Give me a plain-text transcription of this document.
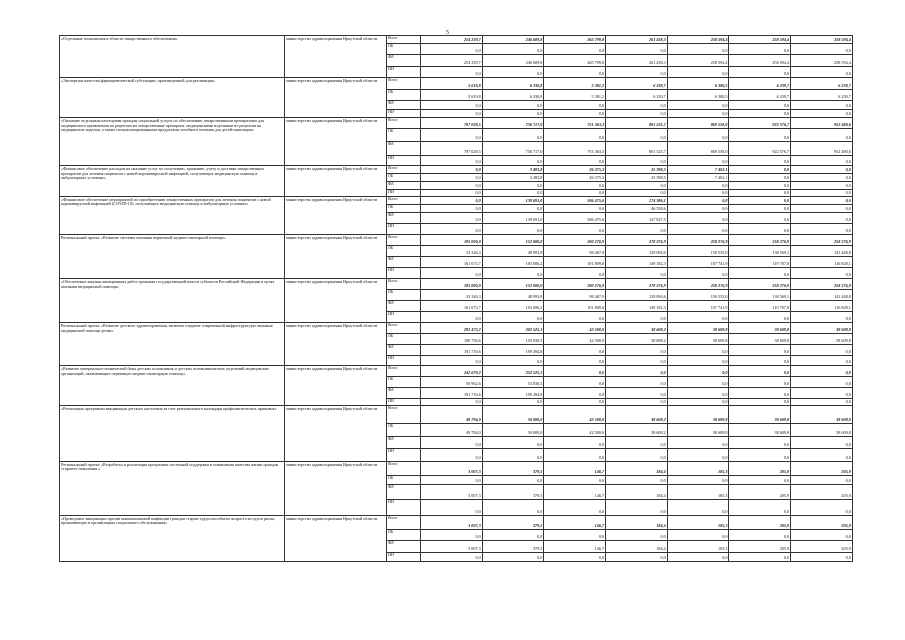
5
«Отдельные полномочия в области лекарственного обеспечения»	министерство здравоохранения Иркутской области	Всего	254 239,7	246 609,8	265 799,8	261 438,3	258 594,4	258 594,4	258 594,4
		ОБ	0,0	0,0	0,0	0,0	0,0	0,0	0,0
		ФБ	254 239,7	246 609,8	265 799,8	261 438,3	258 594,4	258 594,4	258 594,4
		ИИ	0,0	0,0	0,0	0,0	0,0	0,0	0,0
«Экспертиза качества фармацевтической субстанции, произведенной для реализации»	министерство здравоохранения Иркутской области	Всего	5 619,8	6 330,8	5 381,2	6 239,7	6 380,5	6 239,7	6 239,7
		ОБ	5 619,8	6 330,8	5 381,2	6 239,7	6 380,5	6 239,7	6 239,7
		ФБ	0,0	0,0	0,0	0,0	0,0	0,0	0,0
		ИИ	0,0	0,0	0,0	0,0	0,0	0,0	0,0
«Оказание отдельным категориям граждан социальной услуги по обеспечению лекарственными препаратами для медицинского применения по рецептам на лекарственные препараты, медицинскими изделиями по рецептам на медицинские изделия, а также специализированными продуктами лечебного питания для детей-инвалидов»	министерство здравоохранения Иркутской области	Всего	707 028,5	736 717,0	751 363,3	801 525,7	869 558,0	922 576,7	952 480,6
		ОБ	0,0	0,0	0,0	0,0	0,0	0,0	0,0
		ФБ	707 028,5	736 717,0	751 363,3	801 525,7	869 558,0	922 576,7	952 480,6
		ИИ	0,0	0,0	0,0	0,0	0,0	0,0	0,0
«Финансовое обеспечение расходов на оказание услуг по получению, хранению, учету и доставке лекарственных препаратов для лечения пациентов с новой коронавирусной инфекцией, получающих медицинскую помощь в амбулаторных условиях»	министерство здравоохранения Иркутской области	Всего	0,0	3 493,8	26 375,3	25 398,5	7 402,1	0,0	0,0
		ОБ	0,0	3 493,8	26 375,3	25 398,5	7 402,1	0,0	0,0
		ФБ	0,0	0,0	0,0	0,0	0,0	0,0	0,0
		ИИ	0,0	0,0	0,0	0,0	0,0	0,0	0,0
«Финансовое обеспечение мероприятий по приобретению лекарственных препаратов для лечения пациентов с новой коронавирусной инфекцией (COVID-19), получающих медицинскую помощь в амбулаторных условиях»	министерство здравоохранения Иркутской области	Всего	0,0	139 691,0	506 475,6	174 386,1	0,0	0,0	0,0
		ОБ	0,0	0,0	0,0	46 558,6	0,0	0,0	0,0
		ФБ	0,0	139 691,0	506 475,6	127 827,5	0,0	0,0	0,0
		ИИ	0,0	0,0	0,0	0,0	0,0	0,0	0,0
Региональный проект «Развитие системы оказания первичной медико-санитарной помощи»	министерство здравоохранения Иркутской области	Всего	195 000,0	152 000,0	200 276,9	278 276,9	258 276,9	258 276,9	258 276,9
		ОБ	33 326,3	48 993,8	98 467,9	129 094,6	150 535,0	138 569,1	141 448,8
		ФБ	161 673,7	103 006,2	101 809,0	149 182,3	107 741,9	119 707,8	116 828,1
		ИИ	0,0	0,0	0,0	0,0	0,0	0,0	0,0
«Обеспечение закупки авиационных работ органами государственной власти субъектов Российской Федерации в целях оказания медицинской помощи»	министерство здравоохранения Иркутской области	Всего	195 000,0	152 000,0	200 276,9	278 276,9	258 276,9	258 276,9	258 276,9
		ОБ	33 326,3	48 993,8	98 467,9	129 094,6	150 535,0	138 569,1	141 448,8
		ФБ	161 673,7	103 006,2	101 809,0	149 182,3	107 741,9	119 707,8	116 828,1
		ИИ	0,0	0,0	0,0	0,0	0,0	0,0	0,0
Региональный проект «Развитие детского здравоохранения, включая создание современной инфраструктуры оказания медицинской помощи детям»	министерство здравоохранения Иркутской области	Всего	292 473,2	302 525,1	42 500,0	38 608,2	38 609,8	38 609,8	38 609,8
		ОБ	100 756,6	103 030,3	42 500,0	38 608,2	38 609,8	38 609,8	38 609,8
		ФБ	191 716,6	199 494,8	0,0	0,0	0,0	0,0	0,0
		ИИ	0,0	0,0	0,0	0,0	0,0	0,0	0,0
«Развитие материально-технической базы детских поликлиник и детских поликлинических отделений медицинских организаций, оказывающих первичную медико-санитарную помощь»	министерство здравоохранения Иркутской области	Всего	242 679,2	252 525,1	0,0	0,0	0,0	0,0	0,0
		ОБ	50 962,6	53 030,3	0,0	0,0	0,0	0,0	0,0
		ФБ	191 716,6	199 494,8	0,0	0,0	0,0	0,0	0,0
		ИИ	0,0	0,0	0,0	0,0	0,0	0,0	0,0
«Реализация программы вакцинации детского населения за счет регионального календаря профилактических прививок»	министерство здравоохранения Иркутской области	Всего	49 794,0	50 000,0	42 500,0	38 608,2	38 609,8	38 609,8	38 609,8
		ОБ	49 794,0	50 000,0	42 500,0	38 608,2	38 609,8	38 609,8	38 609,8
		ФБ	0,0	0,0	0,0	0,0	0,0	0,0	0,0
		ИИ	0,0	0,0	0,0	0,0	0,0	0,0	0,0
Региональный проект «Разработка и реализация программы системной поддержки и повышения качества жизни граждан старшего поколения »	министерство здравоохранения Иркутской области	Всего	3 007,3	379,5	146,7	184,4	185,3	205,9	205,9
		ОБ	0,0	0,0	0,0	0,0	0,0	0,0	0,0
		ФБ	3 007,3	379,5	146,7	184,4	185,3	205,9	205,9
		ИИ	0,0	0,0	0,0	0,0	0,0	0,0	0,0
«Проведение вакцинации против пневмококковой инфекции граждан старше трудоспособного возраста из групп риска, проживающих в организациях социального обслуживания»	министерство здравоохранения Иркутской области	Всего	3 007,3	379,5	146,7	184,4	185,3	205,9	205,9
		ОБ	0,0	0,0	0,0	0,0	0,0	0,0	0,0
		ФБ	3 007,3	379,5	146,7	184,4	185,3	205,9	205,9
		ИИ	0,0	0,0	0,0	0,0	0,0	0,0	0,0
